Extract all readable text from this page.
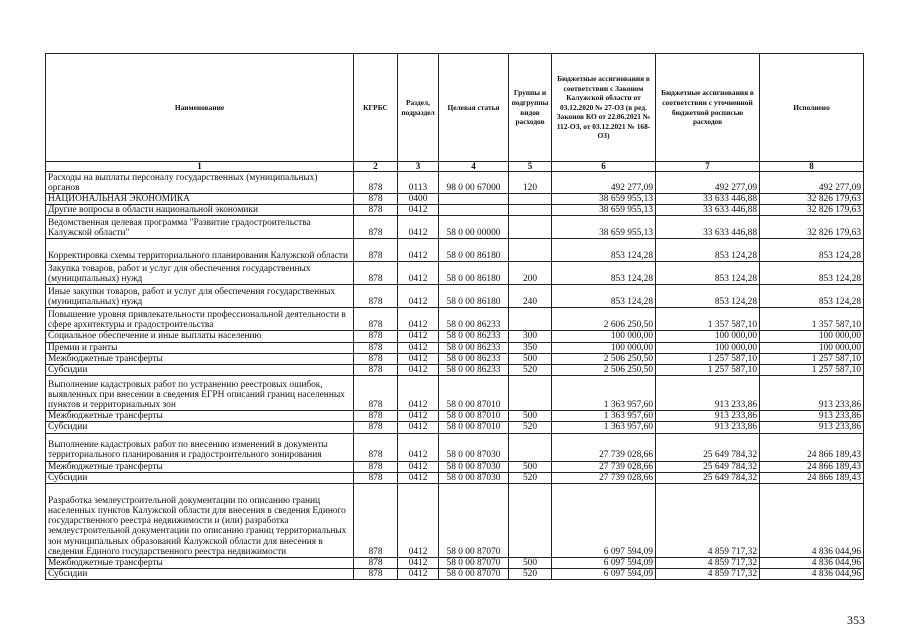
Наименование	КГРБС	Раздел, подраздел	Целевая статья	Группы и подгруппы видов расходов	Бюджетные ассигнования в соответствии с Законом Калужской области от 03.12.2020 № 27-ОЗ (в ред. Законов КО от 22.06.2021 № 112-ОЗ, от 03.12.2021 № 168-ОЗ)	Бюджетные ассигнования в соответствии с уточненной бюджетной росписью расходов	Исполнено
1	2	3	4	5	6	7	8
Расходы на выплаты персоналу государственных (муниципальных) органов	878	0113	98 0 00 67000	120	492 277,09	492 277,09	492 277,09
НАЦИОНАЛЬНАЯ ЭКОНОМИКА	878	0400			38 659 955,13	33 633 446,88	32 826 179,63
Другие вопросы в области национальной экономики	878	0412			38 659 955,13	33 633 446,88	32 826 179,63
Ведомственная целевая программа "Развитие градостроительства Калужской области"	878	0412	58 0 00 00000		38 659 955,13	33 633 446,88	32 826 179,63
Корректировка схемы территориального планирования Калужской области	878	0412	58 0 00 86180		853 124,28	853 124,28	853 124,28
Закупка товаров, работ и услуг для обеспечения государственных (муниципальных) нужд	878	0412	58 0 00 86180	200	853 124,28	853 124,28	853 124,28
Иные закупки товаров, работ и услуг для обеспечения государственных (муниципальных) нужд	878	0412	58 0 00 86180	240	853 124,28	853 124,28	853 124,28
Повышение уровня привлекательности профессиональной деятельности в сфере архитектуры и градостроительства	878	0412	58 0 00 86233		2 606 250,50	1 357 587,10	1 357 587,10
Социальное обеспечение и иные выплаты населению	878	0412	58 0 00 86233	300	100 000,00	100 000,00	100 000,00
Премии и гранты	878	0412	58 0 00 86233	350	100 000,00	100 000,00	100 000,00
Межбюджетные трансферты	878	0412	58 0 00 86233	500	2 506 250,50	1 257 587,10	1 257 587,10
Субсидии	878	0412	58 0 00 86233	520	2 506 250,50	1 257 587,10	1 257 587,10
Выполнение кадастровых работ по устранению реестровых ошибок, выявленных при внесении в сведения ЕГРН описаний границ населенных пунктов и территориальных зон	878	0412	58 0 00 87010		1 363 957,60	913 233,86	913 233,86
Межбюджетные трансферты	878	0412	58 0 00 87010	500	1 363 957,60	913 233,86	913 233,86
Субсидии	878	0412	58 0 00 87010	520	1 363 957,60	913 233,86	913 233,86
Выполнение кадастровых работ по внесению изменений в документы территориального планирования и градостроительного зонирования	878	0412	58 0 00 87030		27 739 028,66	25 649 784,32	24 866 189,43
Межбюджетные трансферты	878	0412	58 0 00 87030	500	27 739 028,66	25 649 784,32	24 866 189,43
Субсидии	878	0412	58 0 00 87030	520	27 739 028,66	25 649 784,32	24 866 189,43
Разработка землеустроительной документации по описанию границ населенных пунктов Калужской области для внесения в сведения Единого государственного реестра недвижимости и (или) разработка землеустроительной документации по описанию границ территориальных зон муниципальных образований Калужской области для внесения в сведения Единого государственного реестра недвижимости	878	0412	58 0 00 87070		6 097 594,09	4 859 717,32	4 836 044,96
Межбюджетные трансферты	878	0412	58 0 00 87070	500	6 097 594,09	4 859 717,32	4 836 044,96
Субсидии	878	0412	58 0 00 87070	520	6 097 594,09	4 859 717,32	4 836 044,96
353
